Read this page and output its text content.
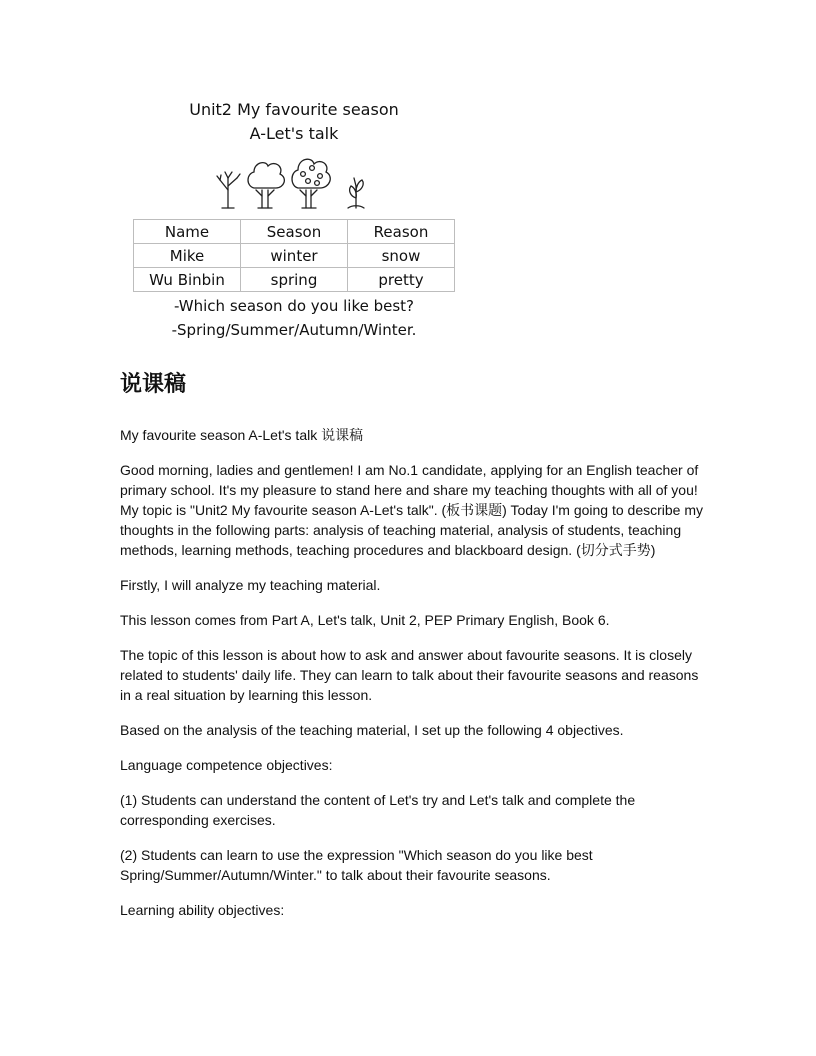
Unit2 My favourite season
A-Let's talk
Name	Season	Reason
Mike	winter	snow
Wu Binbin	spring	pretty
-Which season do you like best?
-Spring/Summer/Autumn/Winter.
说课稿

My favourite season A-Let's talk 说课稿

Good morning, ladies and gentlemen! I am No.1 candidate, applying for an English teacher of primary school. It's my pleasure to stand here and share my teaching thoughts with all of you! My topic is "Unit2 My favourite season A-Let's talk". (板书课题) Today I'm going to describe my thoughts in the following parts: analysis of teaching material, analysis of students, teaching methods, learning methods, teaching procedures and blackboard design. (切分式手势)

Firstly, I will analyze my teaching material.

This lesson comes from Part A, Let's talk, Unit 2, PEP Primary English, Book 6.

The topic of this lesson is about how to ask and answer about favourite seasons. It is closely related to students' daily life. They can learn to talk about their favourite seasons and reasons in a real situation by learning this lesson.

Based on the analysis of the teaching material, I set up the following 4 objectives.

Language competence objectives:

(1) Students can understand the content of Let's try and Let's talk and complete the corresponding exercises.

(2) Students can learn to use the expression "Which season do you like best Spring/Summer/Autumn/Winter." to talk about their favourite seasons.

Learning ability objectives:
